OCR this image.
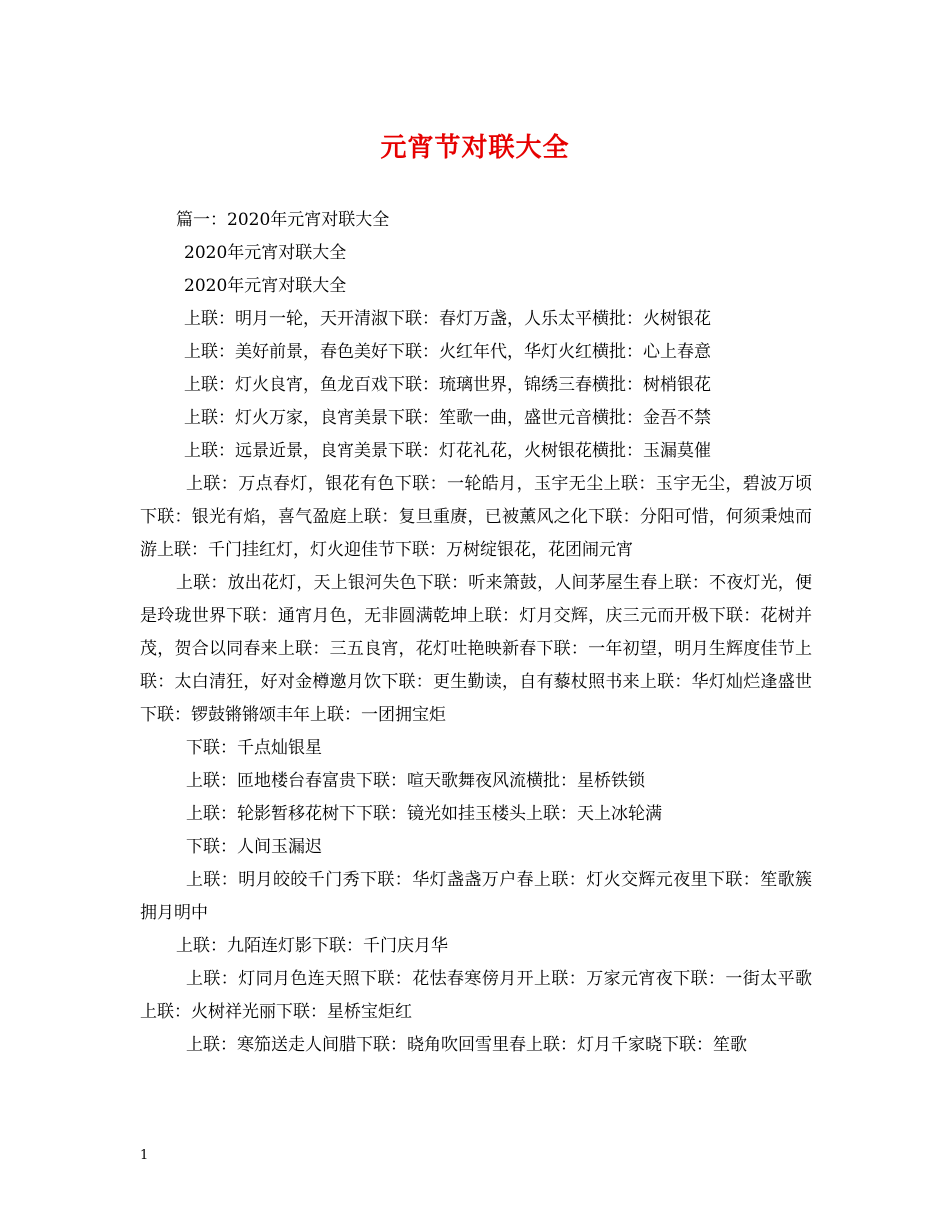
元宵节对联大全

篇一：2020年元宵对联大全

2020年元宵对联大全

2020年元宵对联大全

上联：明月一轮，天开清淑下联：春灯万盏，人乐太平横批：火树银花

上联：美好前景，春色美好下联：火红年代，华灯火红横批：心上春意

上联：灯火良宵，鱼龙百戏下联：琉璃世界，锦绣三春横批：树梢银花

上联：灯火万家，良宵美景下联：笙歌一曲，盛世元音横批：金吾不禁

上联：远景近景，良宵美景下联：灯花礼花，火树银花横批：玉漏莫催

上联：万点春灯，银花有色下联：一轮皓月，玉宇无尘上联：玉宇无尘，碧波万顷下联：银光有焰，喜气盈庭上联：复旦重赓，已被薰风之化下联：分阳可惜，何须秉烛而游上联：千门挂红灯，灯火迎佳节下联：万树绽银花，花团闹元宵

上联：放出花灯，天上银河失色下联：听来箫鼓，人间茅屋生春上联：不夜灯光，便是玲珑世界下联：通宵月色，无非圆满乾坤上联：灯月交辉，庆三元而开极下联：花树并茂，贺合以同春来上联：三五良宵，花灯吐艳映新春下联：一年初望，明月生辉度佳节上联：太白清狂，好对金樽邀月饮下联：更生勤读，自有藜杖照书来上联：华灯灿烂逢盛世下联：锣鼓锵锵颂丰年上联：一团拥宝炬

下联：千点灿银星

上联：匝地楼台春富贵下联：喧天歌舞夜风流横批：星桥铁锁

上联：轮影暂移花树下下联：镜光如挂玉楼头上联：天上冰轮满

下联：人间玉漏迟

上联：明月皎皎千门秀下联：华灯盏盏万户春上联：灯火交辉元夜里下联：笙歌簇拥月明中

上联：九陌连灯影下联：千门庆月华

上联：灯同月色连天照下联：花怯春寒傍月开上联：万家元宵夜下联：一街太平歌上联：火树祥光丽下联：星桥宝炬红

上联：寒笳送走人间腊下联：晓角吹回雪里春上联：灯月千家晓下联：笙歌

1
